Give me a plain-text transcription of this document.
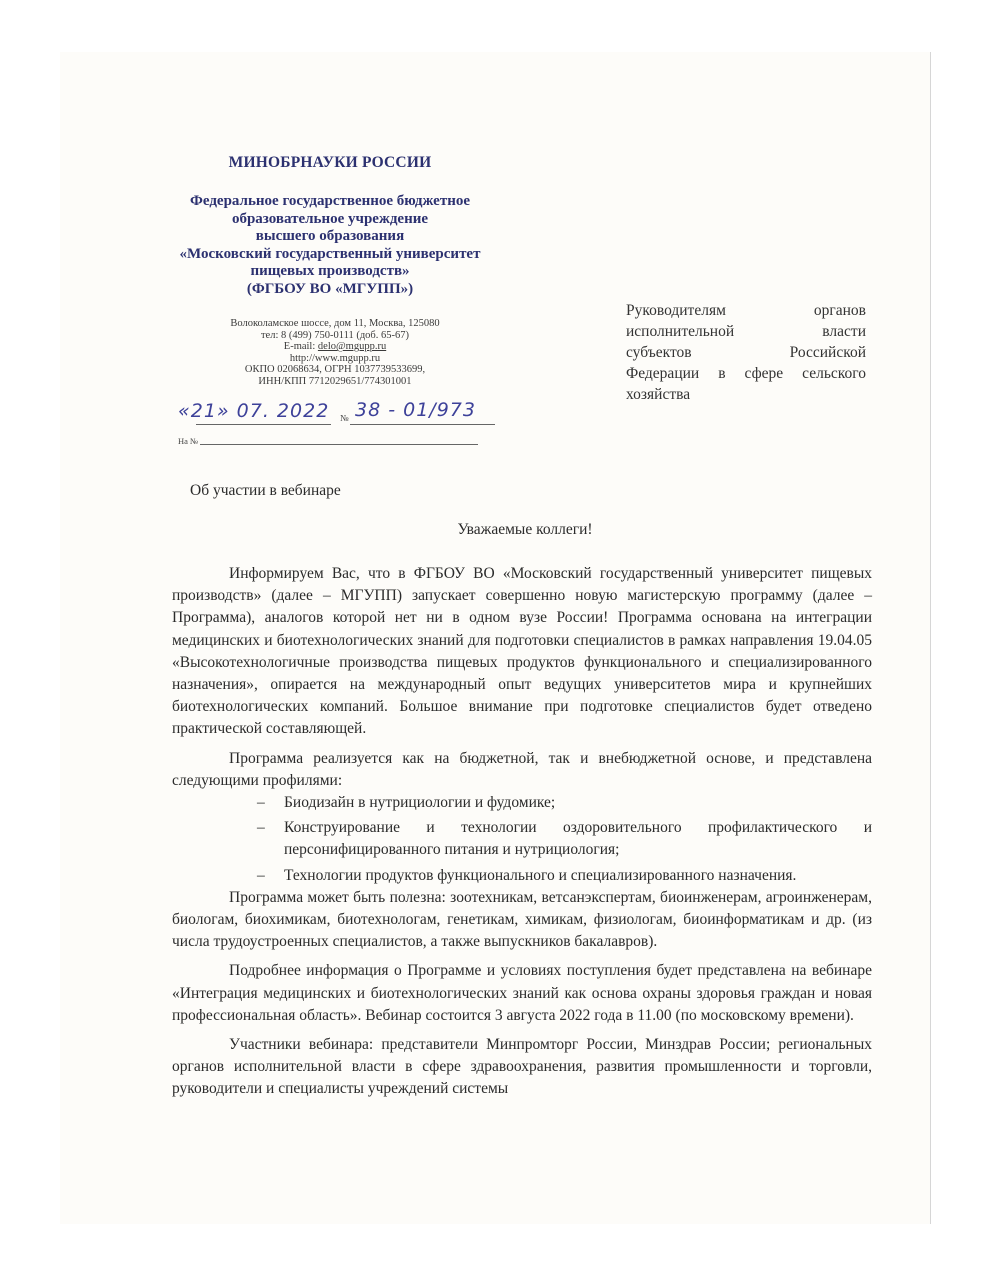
МИНОБРНАУКИ РОССИИ
Федеральное государственное бюджетное
образовательное учреждение
высшего образования
«Московский государственный университет
пищевых производств»
(ФГБОУ ВО «МГУПП»)
Волоколамское шоссе, дом 11, Москва, 125080
тел: 8 (499) 750-0111 (доб. 65-67)
E-mail: delo@mgupp.ru
http://www.mgupp.ru
ОКПО 02068634, ОГРН 1037739533699,
ИНН/КПП 7712029651/774301001
«21» 07. 2022 № 38 - 01/973
На №
Руководителям органов
исполнительной власти
субъектов Российской
Федерации в сфере сельского
хозяйства
Об участии в вебинаре
Уважаемые коллеги!

Информируем Вас, что в ФГБОУ ВО «Московский государственный университет пищевых производств» (далее – МГУПП) запускает совершенно новую магистерскую программу (далее – Программа), аналогов которой нет ни в одном вузе России! Программа основана на интеграции медицинских и биотехнологических знаний для подготовки специалистов в рамках направления 19.04.05 «Высокотехнологичные производства пищевых продуктов функционального и специализированного назначения», опирается на международный опыт ведущих университетов мира и крупнейших биотехнологических компаний. Большое внимание при подготовке специалистов будет отведено практической составляющей.

Программа реализуется как на бюджетной, так и внебюджетной основе, и представлена следующими профилями:

– Биодизайн в нутрициологии и фудомике;
– Конструирование и технологии оздоровительного профилактического и персонифицированного питания и нутрициология;
– Технологии продуктов функционального и специализированного назначения.

Программа может быть полезна: зоотехникам, ветсанэкспертам, биоинженерам, агроинженерам, биологам, биохимикам, биотехнологам, генетикам, химикам, физиологам, биоинформатикам и др. (из числа трудоустроенных специалистов, а также выпускников бакалавров).

Подробнее информация о Программе и условиях поступления будет представлена на вебинаре «Интеграция медицинских и биотехнологических знаний как основа охраны здоровья граждан и новая профессиональная область». Вебинар состоится 3 августа 2022 года в 11.00 (по московскому времени).

Участники вебинара: представители Минпромторг России, Минздрав России; региональных органов исполнительной власти в сфере здравоохранения, развития промышленности и торговли, руководители и специалисты учреждений системы
